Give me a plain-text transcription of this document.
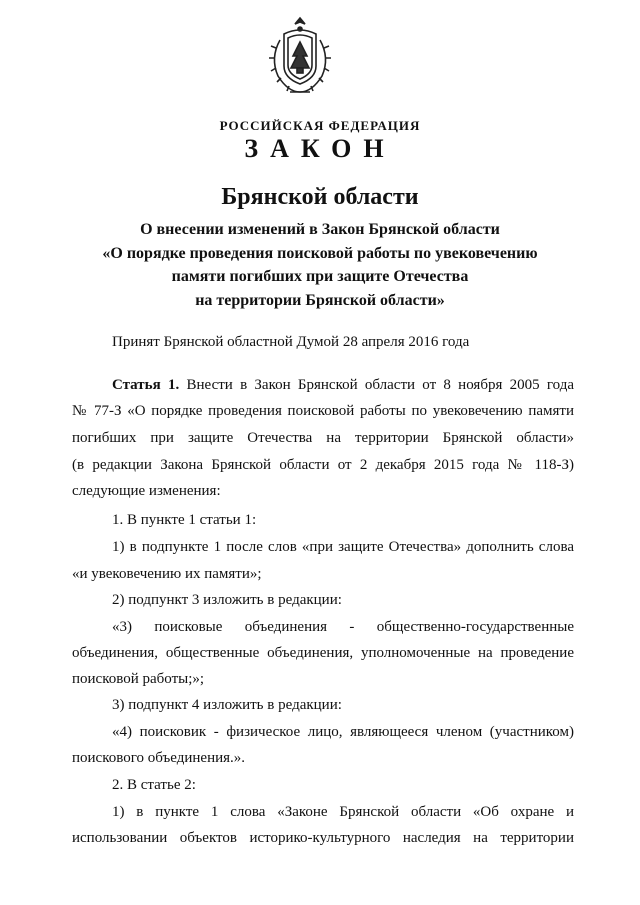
РОССИЙСКАЯ ФЕДЕРАЦИЯ
ЗАКОН
Брянской области
О внесении изменений в Закон Брянской области
«О порядке проведения поисковой работы по увековечению
памяти погибших при защите Отечества
на территории Брянской области»
Принят Брянской областной Думой 28 апреля 2016 года
Статья 1. Внести в Закон Брянской области от 8 ноября 2005 года
№ 77-З «О порядке проведения поисковой работы по увековечению памяти
погибших при защите Отечества на территории Брянской области»
(в редакции Закона Брянской области от 2 декабря 2015 года № 118-З)
следующие изменения:
1. В пункте 1 статьи 1:
1) в подпункте 1 после слов «при защите Отечества» дополнить слова
«и увековечению их памяти»;
2) подпункт 3 изложить в редакции:
«3)    поисковые    объединения    -    общественно-государственные
объединения, общественные объединения, уполномоченные на проведение
поисковой работы;»;
3) подпункт 4 изложить в редакции:
«4) поисковик - физическое лицо, являющееся членом (участником)
поискового объединения.».
2. В статье 2:
1) в пункте 1 слова «Законе Брянской области «Об охране и
использовании объектов историко-культурного наследия на территории
